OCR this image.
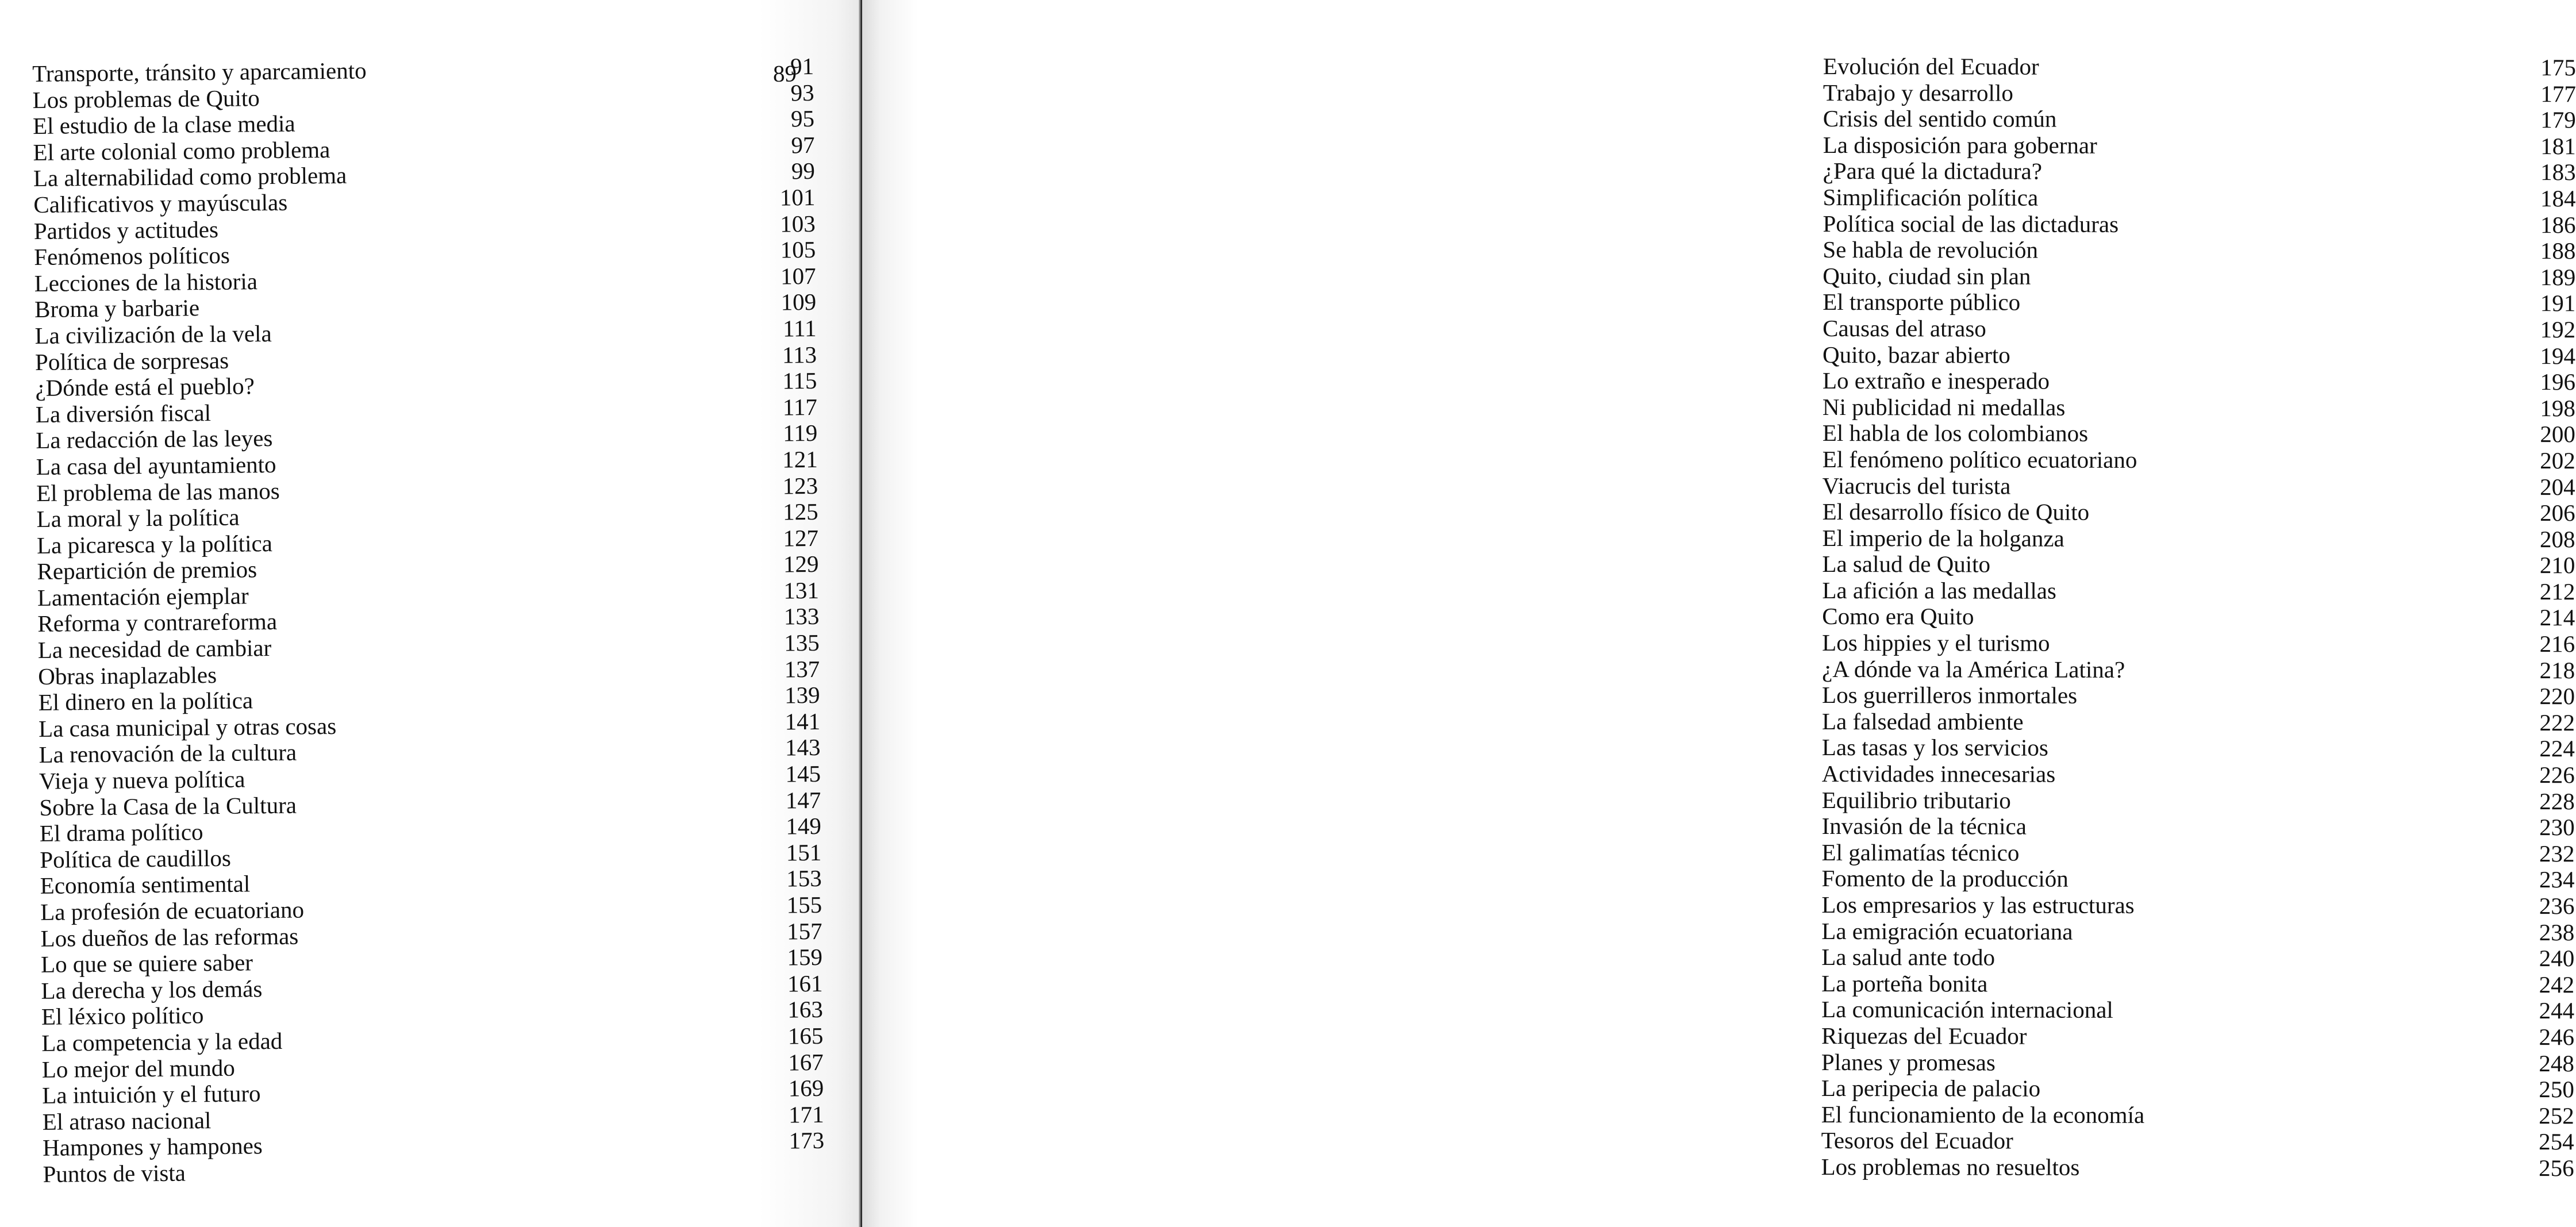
89
Transporte, tránsito y aparcamiento	91
Los problemas de Quito	93
El estudio de la clase media	95
El arte colonial como problema	97
La alternabilidad como problema	99
Calificativos y mayúsculas	101
Partidos y actitudes	103
Fenómenos políticos	105
Lecciones de la historia	107
Broma y barbarie	109
La civilización de la vela	111
Política de sorpresas	113
¿Dónde está el pueblo?	115
La diversión fiscal	117
La redacción de las leyes	119
La casa del ayuntamiento	121
El problema de las manos	123
La moral y la política	125
La picaresca y la política	127
Repartición de premios	129
Lamentación ejemplar	131
Reforma y contrareforma	133
La necesidad de cambiar	135
Obras inaplazables	137
El dinero en la política	139
La casa municipal y otras cosas	141
La renovación de la cultura	143
Vieja y nueva política	145
Sobre la Casa de la Cultura	147
El drama político	149
Política de caudillos	151
Economía sentimental	153
La profesión de ecuatoriano	155
Los dueños de las reformas	157
Lo que se quiere saber	159
La derecha y los demás	161
El léxico político	163
La competencia y la edad	165
Lo mejor del mundo	167
La intuición y el futuro	169
El atraso nacional	171
Hampones y hampones	173
Puntos de vista
Evolución del Ecuador	175
Trabajo y desarrollo	177
Crisis del sentido común	179
La disposición para gobernar	181
¿Para qué la dictadura?	183
Simplificación política	184
Política social de las dictaduras	186
Se habla de revolución	188
Quito, ciudad sin plan	189
El transporte público	191
Causas del atraso	192
Quito, bazar abierto	194
Lo extraño e inesperado	196
Ni publicidad ni medallas	198
El habla de los colombianos	200
El fenómeno político ecuatoriano	202
Viacrucis del turista	204
El desarrollo físico de Quito	206
El imperio de la holganza	208
La salud de Quito	210
La afición a las medallas	212
Como era Quito	214
Los hippies y el turismo	216
¿A dónde va la América Latina?	218
Los guerrilleros inmortales	220
La falsedad ambiente	222
Las tasas y los servicios	224
Actividades innecesarias	226
Equilibrio tributario	228
Invasión de la técnica	230
El galimatías técnico	232
Fomento de la producción	234
Los empresarios y las estructuras	236
La emigración ecuatoriana	238
La salud ante todo	240
La porteña bonita	242
La comunicación internacional	244
Riquezas del Ecuador	246
Planes y promesas	248
La peripecia de palacio	250
El funcionamiento de la economía	252
Tesoros del Ecuador	254
Los problemas no resueltos	256
